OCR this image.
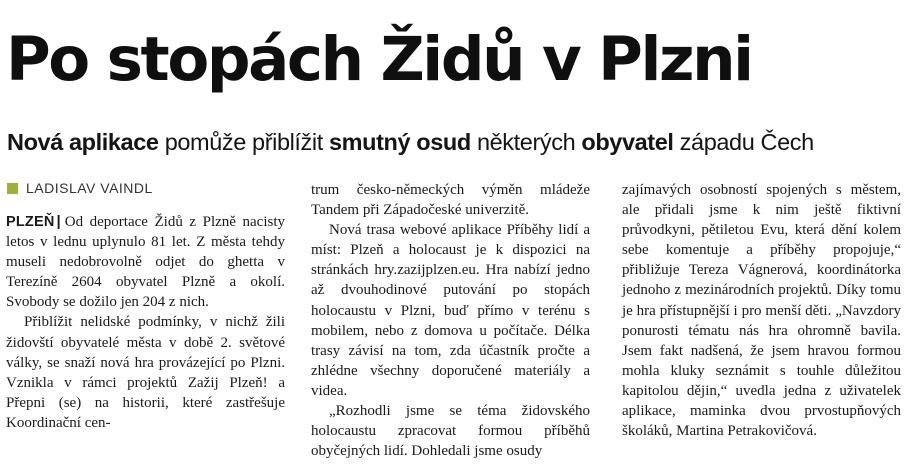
Po stopách Židů v Plzni
Nová aplikace pomůže přiblížit smutný osud některých obyvatel západu Čech
LADISLAV VAINDL

PLZEŇ | Od deportace Židů z Plzně nacisty letos v lednu uplynulo 81 let. Z města tehdy museli nedobrovolně odjet do ghetta v Terezíně 2604 obyvatel Plzně a okolí. Svobody se dožilo jen 204 z nich.

Přiblížit nelidské podmínky, v nichž žili židovští obyvatelé města v době 2. světové války, se snaží nová hra provázející po Plzni. Vznikla v rámci projektů Zažij Plzeň! a Přepni (se) na historii, které zastřešuje Koordinační cen-

trum česko-německých výměn mládeže Tandem při Západočeské univerzitě.

Nová trasa webové aplikace Příběhy lidí a míst: Plzeň a holocaust je k dispozici na stránkách hry.zazijplzen.eu. Hra nabízí jedno až dvouhodinové putování po stopách holocaustu v Plzni, buď přímo v terénu s mobilem, nebo z domova u počítače. Délka trasy závisí na tom, zda účastník pročte a zhlédne všechny doporučené materiály a videa.

„Rozhodli jsme se téma židovského holocaustu zpracovat formou příběhů obyčejných lidí. Dohledali jsme osudy

zajímavých osobností spojených s městem, ale přidali jsme k nim ještě fiktivní průvodkyni, pětiletou Evu, která dění kolem sebe komentuje a příběhy propojuje,“ přibližuje Tereza Vágnerová, koordinátorka jednoho z mezinárodních projektů. Díky tomu je hra přístupnější i pro menší děti. „Navzdory ponurosti tématu nás hra ohromně bavila. Jsem fakt nadšená, že jsem hravou formou mohla kluky seznámit s touhle důležitou kapitolou dějin,“ uvedla jedna z uživatelek aplikace, maminka dvou prvostupňových školáků, Martina Petrakovičová.
